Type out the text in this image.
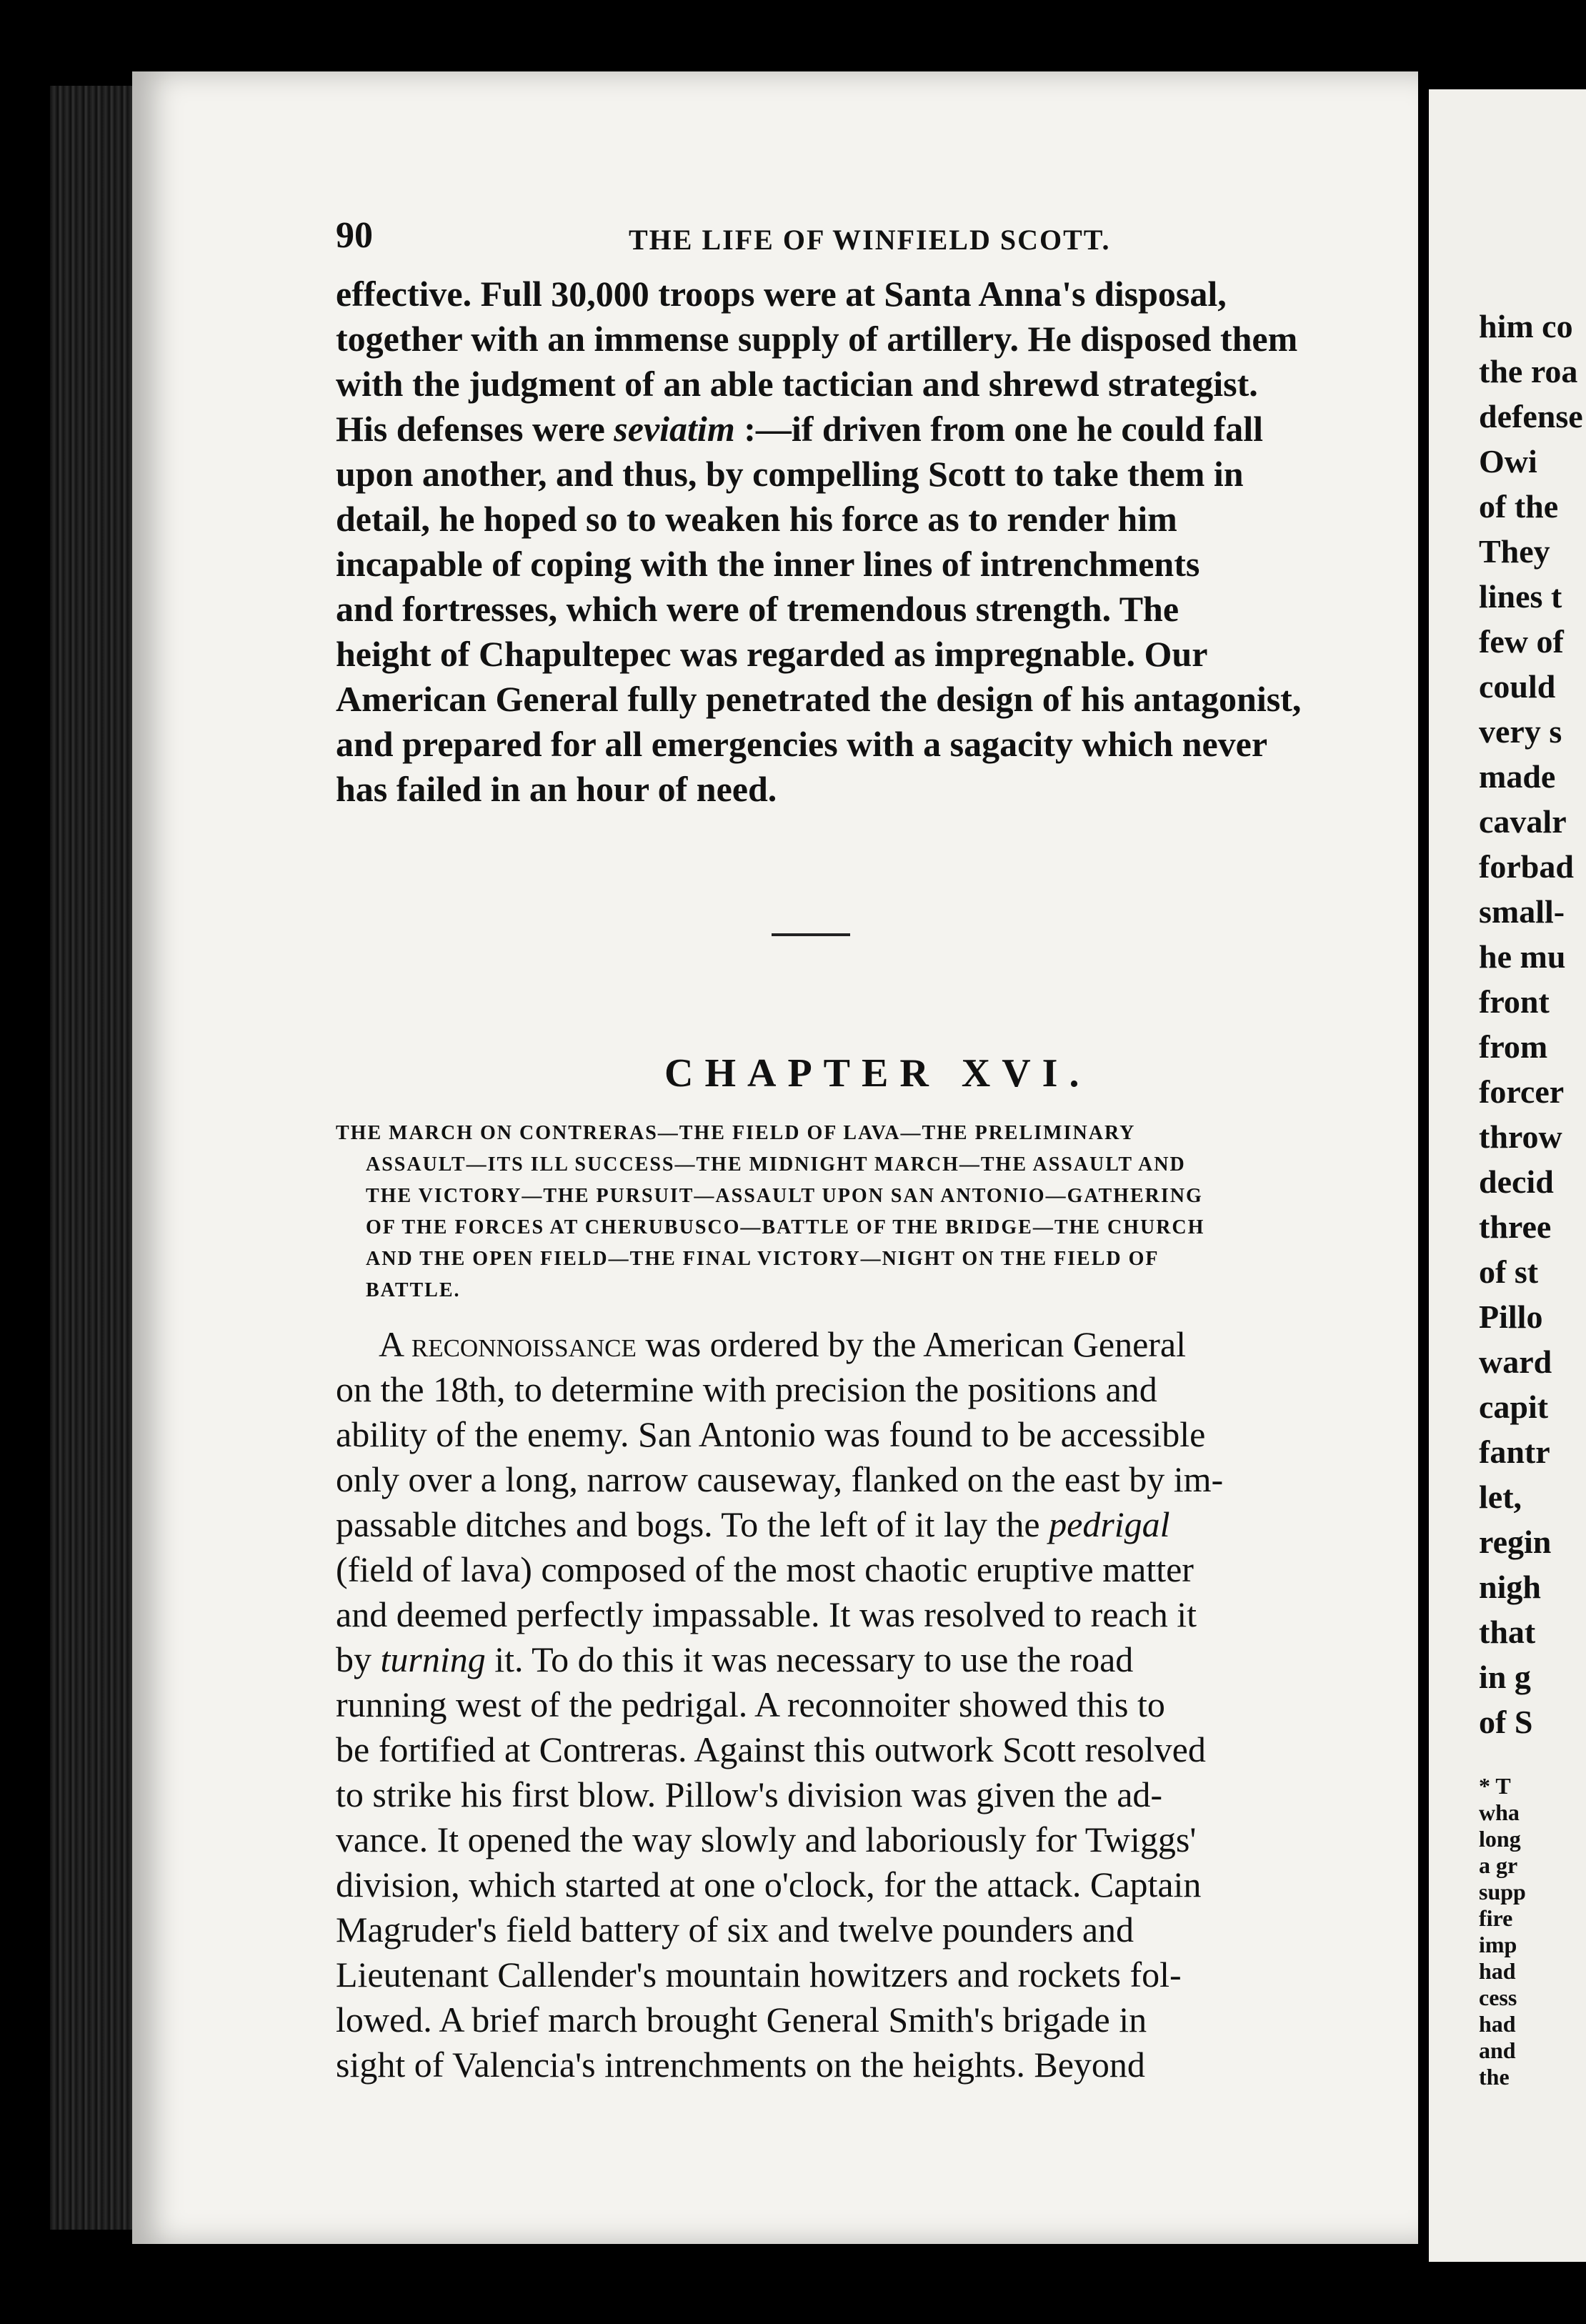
90	THE LIFE OF WINFIELD SCOTT.

effective. Full 30,000 troops were at Santa Anna's disposal,
together with an immense supply of artillery. He disposed them
with the judgment of an able tactician and shrewd strategist.
His defenses were seviatim :—if driven from one he could fall
upon another, and thus, by compelling Scott to take them in
detail, he hoped so to weaken his force as to render him
incapable of coping with the inner lines of intrenchments
and fortresses, which were of tremendous strength. The
height of Chapultepec was regarded as impregnable. Our
American General fully penetrated the design of his antagonist,
and prepared for all emergencies with a sagacity which never
has failed in an hour of need.

CHAPTER XVI.
THE MARCH ON CONTRERAS—THE FIELD OF LAVA—THE PRELIMINARY
ASSAULT—ITS ILL SUCCESS—THE MIDNIGHT MARCH—THE ASSAULT AND
THE VICTORY—THE PURSUIT—ASSAULT UPON SAN ANTONIO—GATHERING
OF THE FORCES AT CHERUBUSCO—BATTLE OF THE BRIDGE—THE CHURCH
AND THE OPEN FIELD—THE FINAL VICTORY—NIGHT ON THE FIELD OF
BATTLE.

A reconnoissance was ordered by the American General
on the 18th, to determine with precision the positions and
ability of the enemy. San Antonio was found to be accessible
only over a long, narrow causeway, flanked on the east by im-
passable ditches and bogs. To the left of it lay the pedrigal
(field of lava) composed of the most chaotic eruptive matter
and deemed perfectly impassable. It was resolved to reach it
by turning it. To do this it was necessary to use the road
running west of the pedrigal. A reconnoiter showed this to
be fortified at Contreras. Against this outwork Scott resolved
to strike his first blow. Pillow's division was given the ad-
vance. It opened the way slowly and laboriously for Twiggs'
division, which started at one o'clock, for the attack. Captain
Magruder's field battery of six and twelve pounders and
Lieutenant Callender's mountain howitzers and rockets fol-
lowed. A brief march brought General Smith's brigade in
sight of Valencia's intrenchments on the heights. Beyond

him co
the roa
defense
Owi
of the
They
lines t
few of
could
very s
made
cavalr
forbad
small-
he mu
front
from
forcer
throw
decid
three
of st
Pillo
ward
capit
fantr
let,
regin
nigh
that
in g
of S
* T
wha
long
a gr
supp
fire
imp
had
cess
had
and
the
